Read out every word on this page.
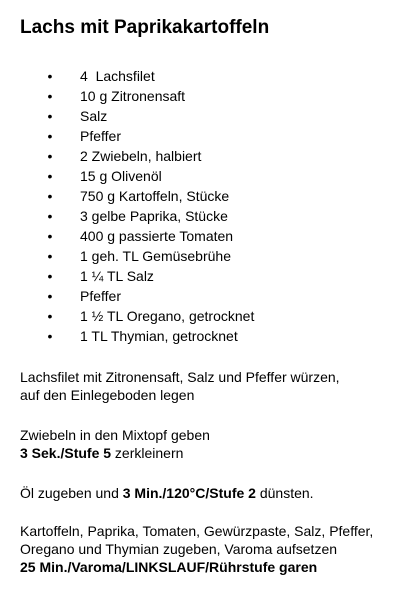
Lachs mit Paprikakartoffeln
• 4  Lachsfilet
• 10 g Zitronensaft
• Salz
• Pfeffer
• 2 Zwiebeln, halbiert
• 15 g Olivenöl
• 750 g Kartoffeln, Stücke
• 3 gelbe Paprika, Stücke
• 400 g passierte Tomaten
• 1 geh. TL Gemüsebrühe
• 1 ¼ TL Salz
• Pfeffer
• 1 ½ TL Oregano, getrocknet
• 1 TL Thymian, getrocknet
Lachsfilet mit Zitronensaft, Salz und Pfeffer würzen,
auf den Einlegeboden legen
Zwiebeln in den Mixtopf geben
3 Sek./Stufe 5 zerkleinern
Öl zugeben und 3 Min./120°C/Stufe 2 dünsten.
Kartoffeln, Paprika, Tomaten, Gewürzpaste, Salz, Pfeffer,
Oregano und Thymian zugeben, Varoma aufsetzen
25 Min./Varoma/LINKSLAUF/Rührstufe garen
